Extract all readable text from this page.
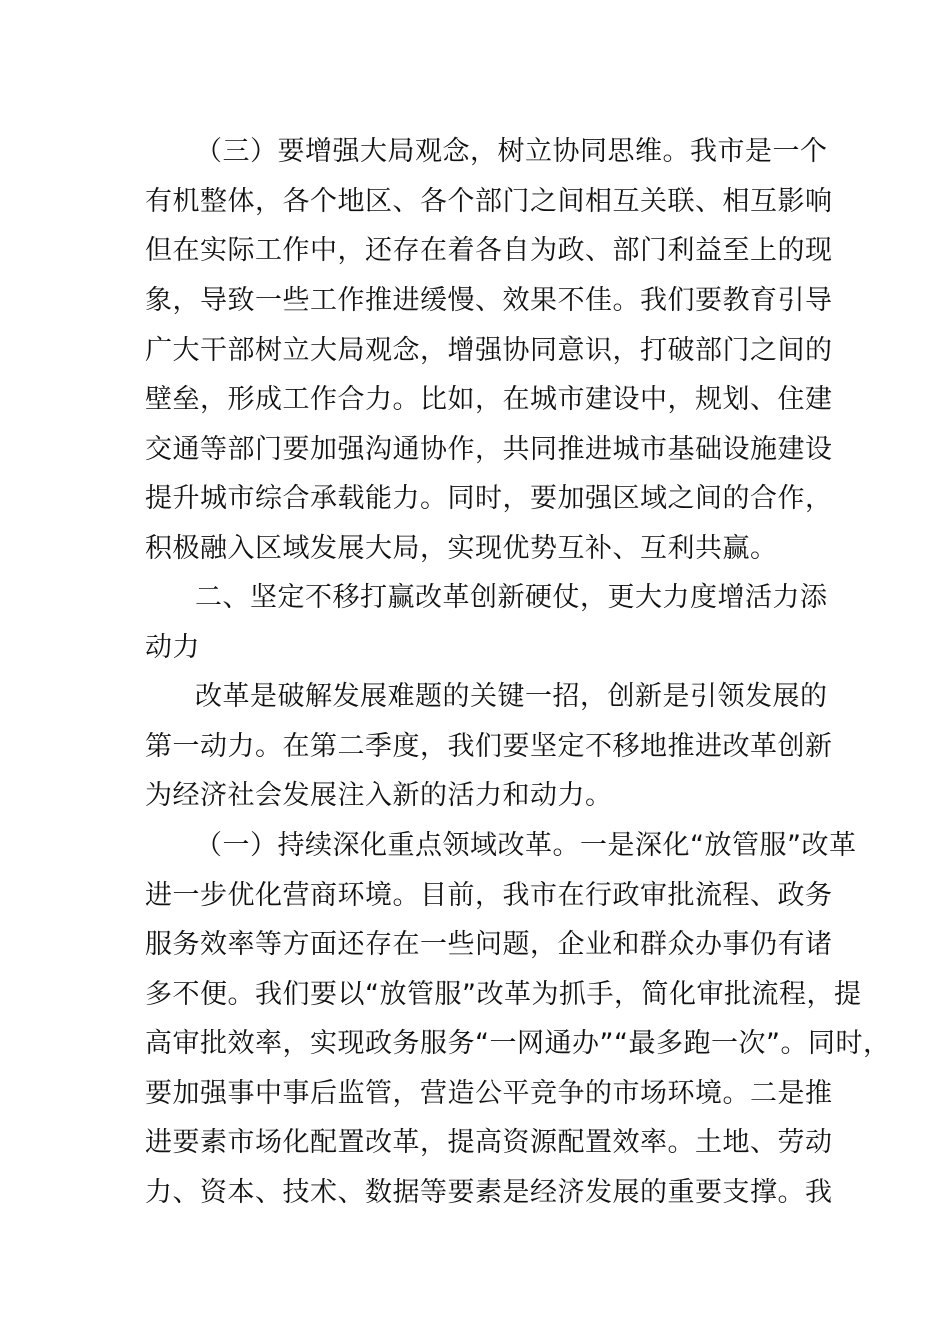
（三）要增强大局观念，树立协同思维。我市是一个
有机整体，各个地区、各个部门之间相互关联、相互影响
但在实际工作中，还存在着各自为政、部门利益至上的现
象，导致一些工作推进缓慢、效果不佳。我们要教育引导
广大干部树立大局观念，增强协同意识，打破部门之间的
壁垒，形成工作合力。比如，在城市建设中，规划、住建
交通等部门要加强沟通协作，共同推进城市基础设施建设
提升城市综合承载能力。同时，要加强区域之间的合作，
积极融入区域发展大局，实现优势互补、互利共赢。
二、坚定不移打赢改革创新硬仗，更大力度增活力添
动力
改革是破解发展难题的关键一招，创新是引领发展的
第一动力。在第二季度，我们要坚定不移地推进改革创新
为经济社会发展注入新的活力和动力。
（一）持续深化重点领域改革。一是深化“放管服”改革
进一步优化营商环境。目前，我市在行政审批流程、政务
服务效率等方面还存在一些问题，企业和群众办事仍有诸
多不便。我们要以“放管服”改革为抓手，简化审批流程，提
高审批效率，实现政务服务“一网通办”“最多跑一次”。同时，
要加强事中事后监管，营造公平竞争的市场环境。二是推
进要素市场化配置改革，提高资源配置效率。土地、劳动
力、资本、技术、数据等要素是经济发展的重要支撑。我
